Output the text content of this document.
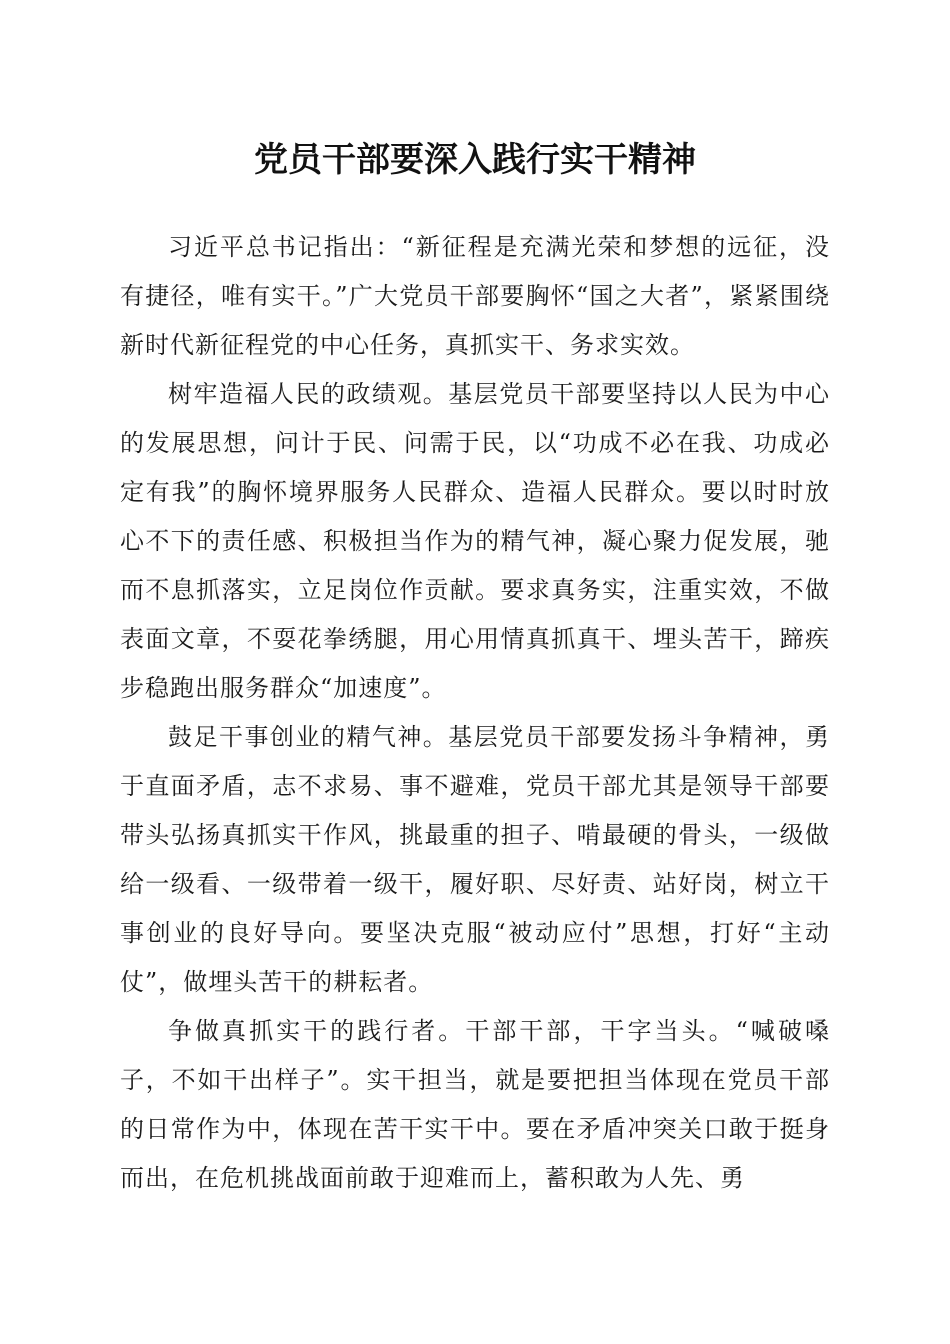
党员干部要深入践行实干精神

习近平总书记指出：“新征程是充满光荣和梦想的远征，没有捷径，唯有实干。”广大党员干部要胸怀“国之大者”，紧紧围绕新时代新征程党的中心任务，真抓实干、务求实效。

树牢造福人民的政绩观。基层党员干部要坚持以人民为中心的发展思想，问计于民、问需于民，以“功成不必在我、功成必定有我”的胸怀境界服务人民群众、造福人民群众。要以时时放心不下的责任感、积极担当作为的精气神，凝心聚力促发展，驰而不息抓落实，立足岗位作贡献。要求真务实，注重实效，不做表面文章，不耍花拳绣腿，用心用情真抓真干、埋头苦干，蹄疾步稳跑出服务群众“加速度”。

鼓足干事创业的精气神。基层党员干部要发扬斗争精神，勇于直面矛盾，志不求易、事不避难，党员干部尤其是领导干部要带头弘扬真抓实干作风，挑最重的担子、啃最硬的骨头，一级做给一级看、一级带着一级干，履好职、尽好责、站好岗，树立干事创业的良好导向。要坚决克服“被动应付”思想，打好“主动仗”，做埋头苦干的耕耘者。

争做真抓实干的践行者。干部干部，干字当头。“喊破嗓子，不如干出样子”。实干担当，就是要把担当体现在党员干部的日常作为中，体现在苦干实干中。要在矛盾冲突关口敢于挺身而出，在危机挑战面前敢于迎难而上，蓄积敢为人先、勇
